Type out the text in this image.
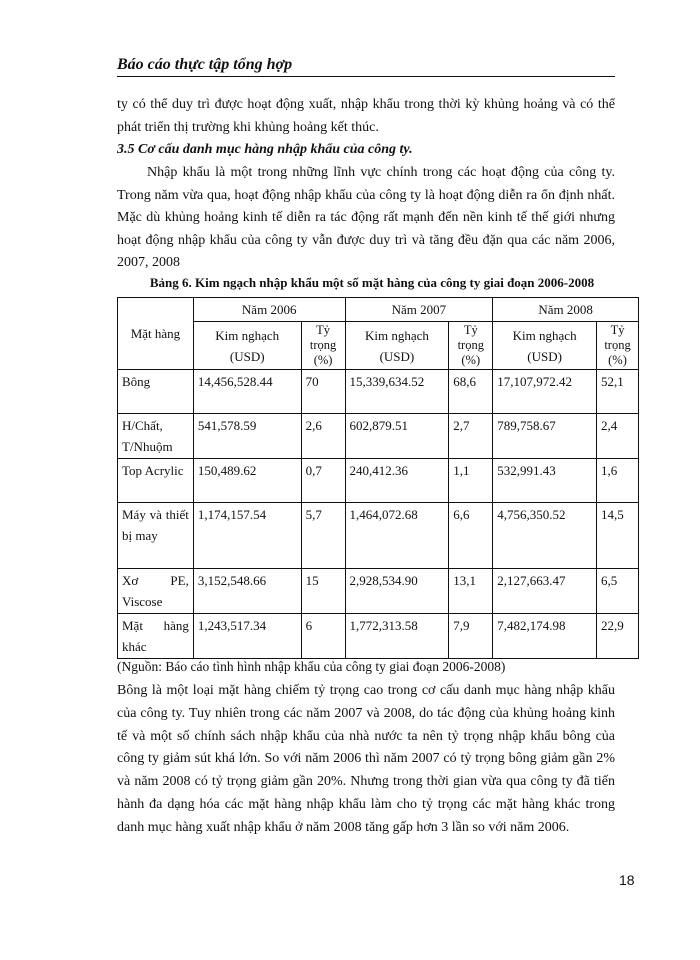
Báo cáo thực tập tổng hợp
ty có thể duy trì được hoạt động xuất, nhập khẩu trong thời kỳ khủng hoảng và có thể phát triển thị trường khi khủng hoảng kết thúc.
3.5 Cơ cấu danh mục hàng nhập khẩu của công ty.
Nhập khẩu là một trong những lĩnh vực chính trong các hoạt động của công ty. Trong năm vừa qua, hoạt động nhập khẩu của công ty là hoạt động diễn ra ổn định nhất. Mặc dù khủng hoảng kinh tế diễn ra tác động rất mạnh đến nền kinh tế thế giới nhưng hoạt động nhập khẩu của công ty vẫn được duy trì và tăng đều đặn qua các năm 2006, 2007, 2008
Bảng 6. Kim ngạch nhập khẩu một số mặt hàng của công ty giai đoạn 2006-2008
Mặt hàng	Năm 2006		Năm 2007		Năm 2008	
	Kim nghạch (USD)	Tỷ trọng (%)	Kim nghạch (USD)	Tỷ trọng (%)	Kim nghạch (USD)	Tỷ trọng (%)
Bông	14,456,528.44	70	15,339,634.52	68,6	17,107,972.42	52,1
H/Chất, T/Nhuộm	541,578.59	2,6	602,879.51	2,7	789,758.67	2,4
Top Acrylic	150,489.62	0,7	240,412.36	1,1	532,991.43	1,6
Máy và thiết bị may	1,174,157.54	5,7	1,464,072.68	6,6	4,756,350.52	14,5
Xơ PE, Viscose	3,152,548.66	15	2,928,534.90	13,1	2,127,663.47	6,5
Mặt hàng khác	1,243,517.34	6	1,772,313.58	7,9	7,482,174.98	22,9
(Nguồn: Báo cáo tình hình nhập khẩu của công ty giai đoạn 2006-2008)
Bông là một loại mặt hàng chiếm tỷ trọng cao trong cơ cấu danh mục hàng nhập khẩu của công ty. Tuy nhiên trong các năm 2007 và 2008, do tác động của khủng hoảng kinh tế và một số chính sách nhập khẩu của nhà nước ta nên tỷ trọng nhập khẩu bông của công ty giảm sút khá lớn. So với năm 2006 thì năm 2007 có tỷ trọng bông giảm gần 2% và năm 2008 có tỷ trọng giảm gần 20%. Nhưng trong thời gian vừa qua công ty đã tiến hành đa dạng hóa các mặt hàng nhập khẩu làm cho tỷ trọng các mặt hàng khác trong danh mục hàng xuất nhập khẩu ở năm 2008 tăng gấp hơn 3 lần so với năm 2006.
18
